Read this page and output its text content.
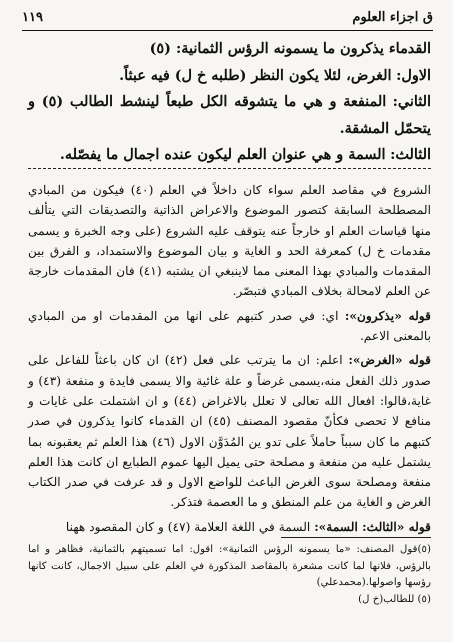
ق اجزاء العلوم
١١٩

القدماء يذكرون ما يسمونه الرؤس الثمانية: (٥)

الاول: الغرض، لئلا يكون النظر (طلبه خ ل) فيه عبثاً.

الثاني: المنفعة و هي ما يتشوقه الكل طبعاً لينشط الطالب (٥) و يتحمّل المشقة.

الثالث: السمة و هي عنوان العلم ليكون عنده اجمال ما يفصّله.

الشروع في مقاصد العلم سواء كان داخلاً في العلم (٤٠) فيكون من المبادي المصطلحة السابقة كتصور الموضوع والاعراض الذاتية والتصديقات التي يتألف منها قياسات العلم او خارجاً عنه يتوقف عليه الشروع (على وجه الخبرة و يسمى مقدمات خ ل) كمعرفة الحد و الغاية و بيان الموضوع والاستمداد، و الفرق بين المقدمات والمبادي بهذا المعنى مما لاينبغي ان يشتبه (٤١) فان المقدمات خارجة عن العلم لامحالة بخلاف المبادي فتبصّر.

قوله «يذكرون»: اي: في صدر كتبهم على انها من المقدمات او من المبادي بالمعنى الاعم.

قوله «الغرض»: اعلم: ان ما يترتب على فعل (٤٢) ان كان باعثاً للفاعل على صدور ذلك الفعل منه،يسمى غرضاً و علة غائية والا يسمى فايدة و منفعة (٤٣) و غاية،قالوا: افعال الله تعالى لا تعلل بالاغراض (٤٤) و ان اشتملت على غايات و منافع لا تحصى فكأنّ مقصود المصنف (٤٥) ان القدماء كانوا يذكرون في صدر كتبهم ما كان سبباً حاملاً على تدو ين المُدَوَّن الاول (٤٦) هذا العلم ثم يعقبونه بما يشتمل عليه من منفعة و مصلحة حتى يميل اليها عموم الطبايع ان كانت هذا العلم منفعة ومصلحة سوى الغرض الباعث للواضع الاول و قد عرفت في صدر الكتاب الغرض و الغاية من علم المنطق و ما العصمة فتذكر.

قوله «الثالث: السمة»: السمة في اللغة العلامة (٤٧) و كان المقصود ههنا

(٥)قول المصنف: «ما يسمونه الرؤس الثمانية»: اقول: اما تسميتهم بالثمانية، فظاهر و اما بالرؤس، فلانها لما كانت مشعرة بالمقاصد المذكورة في العلم على سبيل الاجمال، كانت كانها رؤسها واصولها.(محمدعلي)

(٥) للطالب(خ ل)
